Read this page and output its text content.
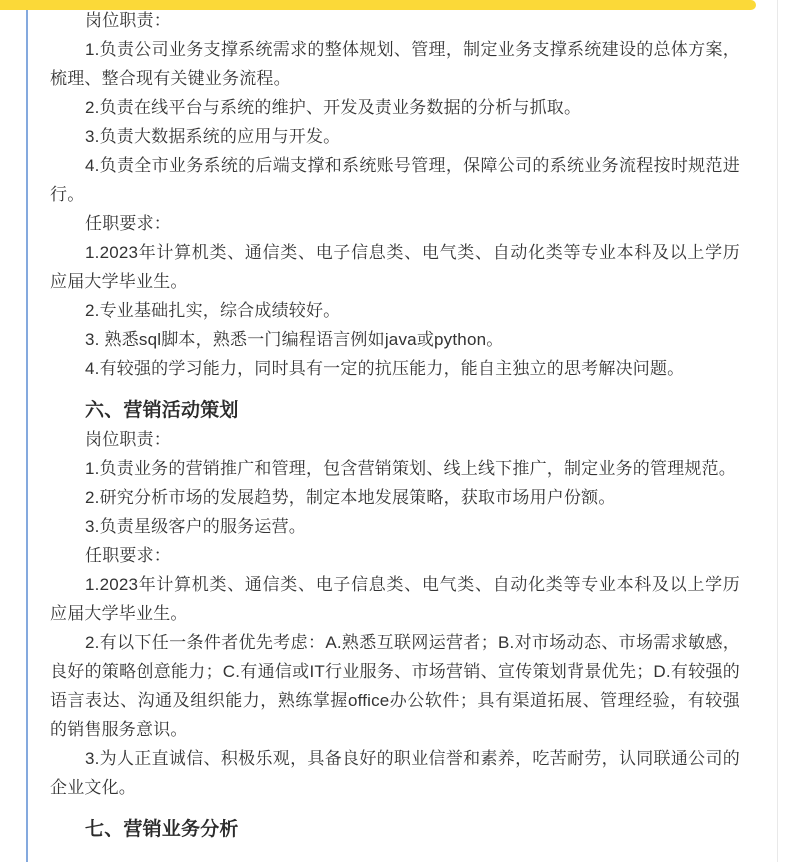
岗位职责：

1.负责公司业务支撑系统需求的整体规划、管理，制定业务支撑系统建设的总体方案，梳理、整合现有关键业务流程。

2.负责在线平台与系统的维护、开发及责业务数据的分析与抓取。

3.负责大数据系统的应用与开发。

4.负责全市业务系统的后端支撑和系统账号管理，保障公司的系统业务流程按时规范进行。

任职要求：

1.2023年计算机类、通信类、电子信息类、电气类、自动化类等专业本科及以上学历应届大学毕业生。

2.专业基础扎实，综合成绩较好。

3. 熟悉sql脚本，熟悉一门编程语言例如java或python。

4.有较强的学习能力，同时具有一定的抗压能力，能自主独立的思考解决问题。

六、营销活动策划

岗位职责：

1.负责业务的营销推广和管理，包含营销策划、线上线下推广，制定业务的管理规范。

2.研究分析市场的发展趋势，制定本地发展策略，获取市场用户份额。

3.负责星级客户的服务运营。

任职要求：

1.2023年计算机类、通信类、电子信息类、电气类、自动化类等专业本科及以上学历应届大学毕业生。

2.有以下任一条件者优先考虑：A.熟悉互联网运营者；B.对市场动态、市场需求敏感，良好的策略创意能力；C.有通信或IT行业服务、市场营销、宣传策划背景优先；D.有较强的语言表达、沟通及组织能力，熟练掌握office办公软件；具有渠道拓展、管理经验，有较强的销售服务意识。

3.为人正直诚信、积极乐观，具备良好的职业信誉和素养，吃苦耐劳，认同联通公司的企业文化。

七、营销业务分析
